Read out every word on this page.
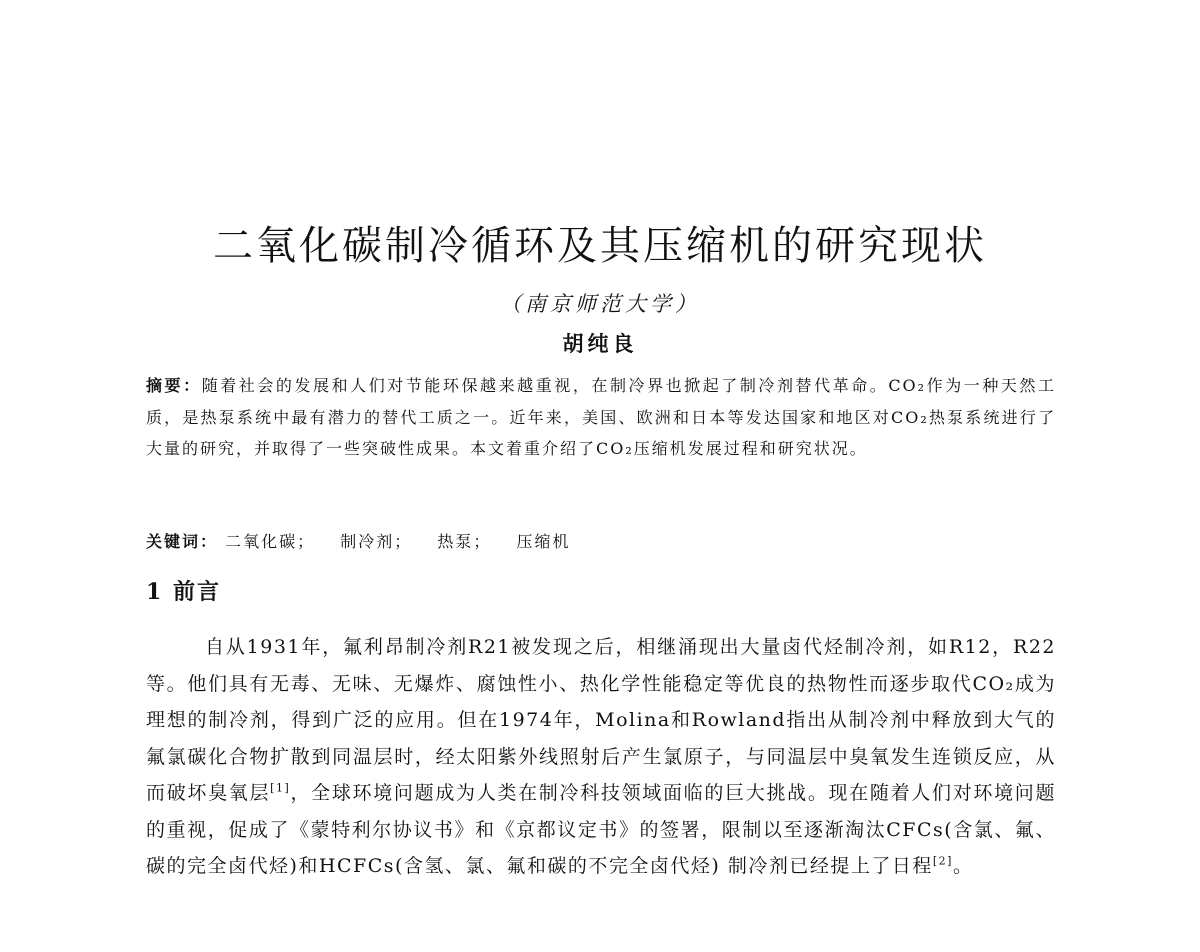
二氧化碳制冷循环及其压缩机的研究现状
（南京师范大学）
胡纯良

摘要：随着社会的发展和人们对节能环保越来越重视，在制冷界也掀起了制冷剂替代革命。CO₂作为一种天然工质，是热泵系统中最有潜力的替代工质之一。近年来，美国、欧洲和日本等发达国家和地区对CO₂热泵系统进行了大量的研究，并取得了一些突破性成果。本文着重介绍了CO₂压缩机发展过程和研究状况。

关键词： 二氧化碳； 制冷剂； 热泵； 压缩机
1 前言

自从1931年，氟利昂制冷剂R21被发现之后，相继涌现出大量卤代烃制冷剂，如R12，R22等。他们具有无毒、无味、无爆炸、腐蚀性小、热化学性能稳定等优良的热物性而逐步取代CO₂成为理想的制冷剂，得到广泛的应用。但在1974年，Molina和Rowland指出从制冷剂中释放到大气的氟氯碳化合物扩散到同温层时，经太阳紫外线照射后产生氯原子，与同温层中臭氧发生连锁反应，从而破坏臭氧层[1]，全球环境问题成为人类在制冷科技领域面临的巨大挑战。现在随着人们对环境问题的重视，促成了《蒙特利尔协议书》和《京都议定书》的签署，限制以至逐渐淘汰CFCs(含氯、氟、碳的完全卤代烃)和HCFCs(含氢、氯、氟和碳的不完全卤代烃) 制冷剂已经提上了日程[2]。
